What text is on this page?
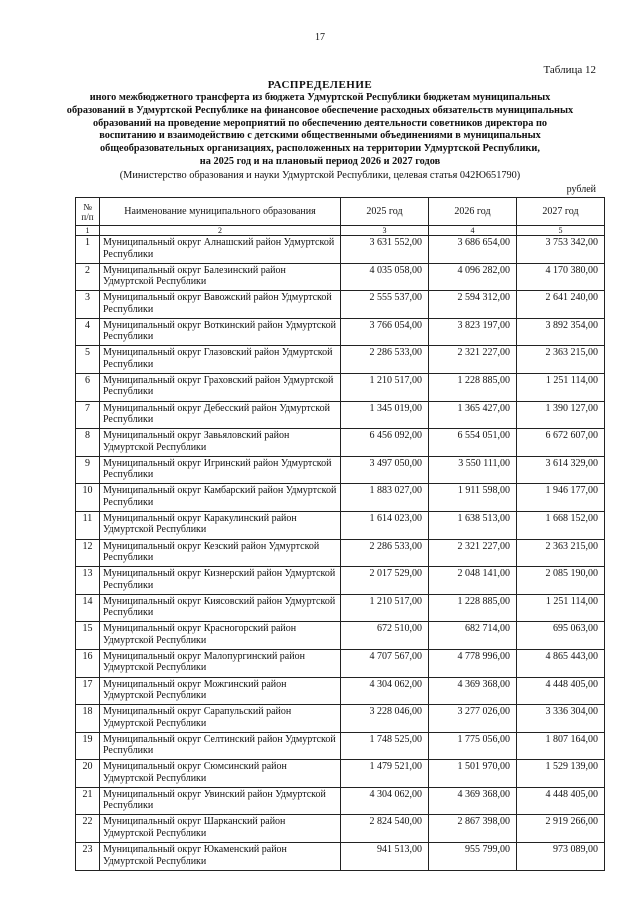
17
Таблица 12
РАСПРЕДЕЛЕНИЕ
иного межбюджетного трансферта из бюджета Удмуртской Республики бюджетам муниципальных
образований в Удмуртской Республике на финансовое обеспечение расходных обязательств муниципальных
образований на проведение мероприятий по обеспечению деятельности советников директора по
воспитанию и взаимодействию с детскими общественными объединениями в муниципальных
общеобразовательных организациях, расположенных на территории Удмуртской Республики,
на 2025 год и на плановый период 2026 и 2027 годов
(Министерство образования и науки Удмуртской Республики, целевая статья 042Ю651790)
рублей
№
п/п	Наименование муниципального образования	2025 год	2026 год	2027 год
1	2	3	4	5
1	Муниципальный округ Алнашский район Удмуртской Республики	3 631 552,00	3 686 654,00	3 753 342,00
2	Муниципальный округ Балезинский район Удмуртской Республики	4 035 058,00	4 096 282,00	4 170 380,00
3	Муниципальный округ Вавожский район Удмуртской Республики	2 555 537,00	2 594 312,00	2 641 240,00
4	Муниципальный округ Воткинский район Удмуртской Республики	3 766 054,00	3 823 197,00	3 892 354,00
5	Муниципальный округ Глазовский район Удмуртской Республики	2 286 533,00	2 321 227,00	2 363 215,00
6	Муниципальный округ Граховский район Удмуртской Республики	1 210 517,00	1 228 885,00	1 251 114,00
7	Муниципальный округ Дебесский район Удмуртской Республики	1 345 019,00	1 365 427,00	1 390 127,00
8	Муниципальный округ Завьяловский район Удмуртской Республики	6 456 092,00	6 554 051,00	6 672 607,00
9	Муниципальный округ Игринский район Удмуртской Республики	3 497 050,00	3 550 111,00	3 614 329,00
10	Муниципальный округ Камбарский район Удмуртской Республики	1 883 027,00	1 911 598,00	1 946 177,00
11	Муниципальный округ Каракулинский район Удмуртской Республики	1 614 023,00	1 638 513,00	1 668 152,00
12	Муниципальный округ Кезский район Удмуртской Республики	2 286 533,00	2 321 227,00	2 363 215,00
13	Муниципальный округ Кизнерский район Удмуртской Республики	2 017 529,00	2 048 141,00	2 085 190,00
14	Муниципальный округ Киясовский район Удмуртской Республики	1 210 517,00	1 228 885,00	1 251 114,00
15	Муниципальный округ Красногорский район Удмуртской Республики	672 510,00	682 714,00	695 063,00
16	Муниципальный округ Малопургинский район Удмуртской Республики	4 707 567,00	4 778 996,00	4 865 443,00
17	Муниципальный округ Можгинский район Удмуртской Республики	4 304 062,00	4 369 368,00	4 448 405,00
18	Муниципальный округ Сарапульский район Удмуртской Республики	3 228 046,00	3 277 026,00	3 336 304,00
19	Муниципальный округ Селтинский район Удмуртской Республики	1 748 525,00	1 775 056,00	1 807 164,00
20	Муниципальный округ Сюмсинский район Удмуртской Республики	1 479 521,00	1 501 970,00	1 529 139,00
21	Муниципальный округ Увинский район Удмуртской Республики	4 304 062,00	4 369 368,00	4 448 405,00
22	Муниципальный округ Шарканский район Удмуртской Республики	2 824 540,00	2 867 398,00	2 919 266,00
23	Муниципальный округ Юкаменский район Удмуртской Республики	941 513,00	955 799,00	973 089,00
